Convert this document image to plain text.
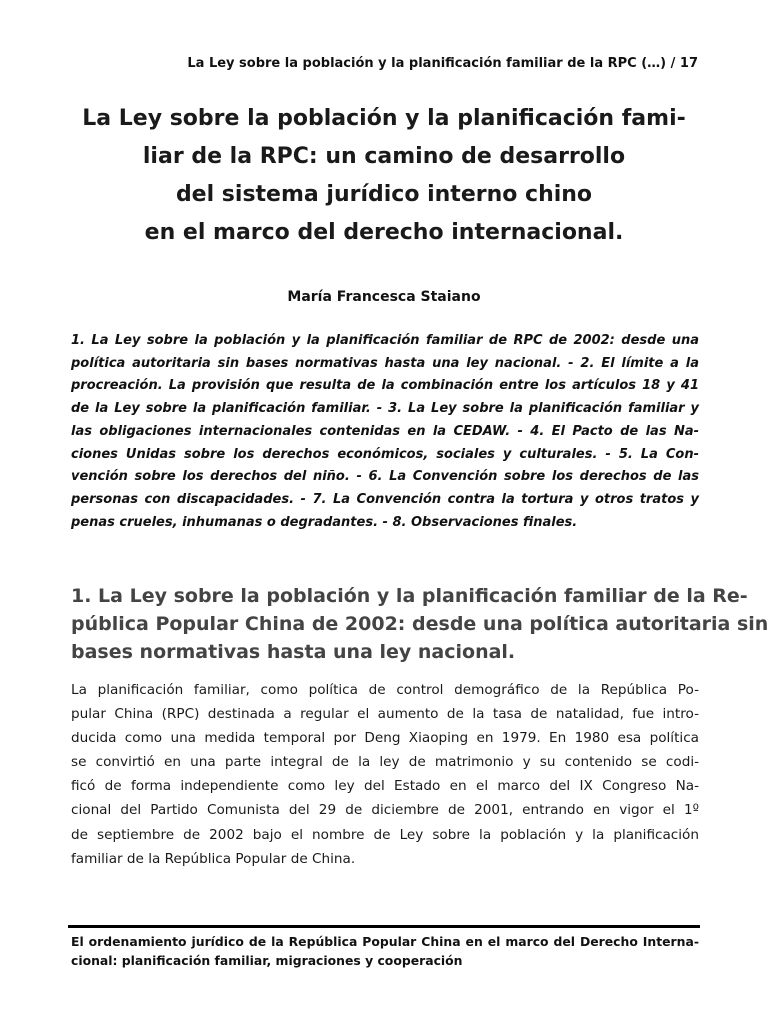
La Ley sobre la población y la planificación familiar de la RPC (…) / 17
La Ley sobre la población y la planificación fami-
liar de la RPC: un camino de desarrollo
del sistema jurídico interno chino
en el marco del derecho internacional.
María Francesca Staiano
1. La Ley sobre la población y la planificación familiar de RPC de 2002: desde una
política autoritaria sin bases normativas hasta una ley nacional. - 2. El límite a la
procreación. La provisión que resulta de la combinación entre los artículos 18 y 41
de la Ley sobre la planificación familiar. - 3. La Ley sobre la planificación familiar y
las obligaciones internacionales contenidas en la CEDAW. - 4. El Pacto de las Na-
ciones Unidas sobre los derechos económicos, sociales y culturales. - 5. La Con-
vención sobre los derechos del niño. - 6. La Convención sobre los derechos de las
personas con discapacidades. - 7. La Convención contra la tortura y otros tratos y
penas crueles, inhumanas o degradantes. - 8. Observaciones finales.
1. La Ley sobre la población y la planificación familiar de la Re-
pública Popular China de 2002: desde una política autoritaria sin
bases normativas hasta una ley nacional.
La planificación familiar, como política de control demográfico de la República Po-
pular China (RPC) destinada a regular el aumento de la tasa de natalidad, fue intro-
ducida como una medida temporal por Deng Xiaoping en 1979. En 1980 esa política
se convirtió en una parte integral de la ley de matrimonio y su contenido se codi-
ficó de forma independiente como ley del Estado en el marco del IX Congreso Na-
cional del Partido Comunista del 29 de diciembre de 2001, entrando en vigor el 1º
de septiembre de 2002 bajo el nombre de Ley sobre la población y la planificación
familiar de la República Popular de China.
El ordenamiento jurídico de la República Popular China en el marco del Derecho Interna-
cional: planificación familiar, migraciones y cooperación
